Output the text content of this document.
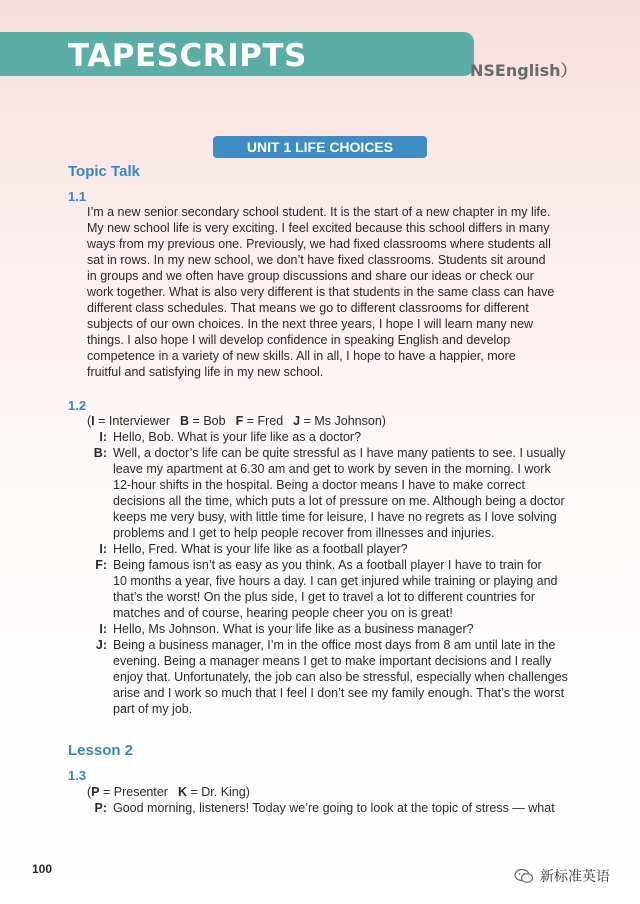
TAPESCRIPTS	NSEnglish）
UNIT 1 LIFE CHOICES
Topic Talk
1.1
I’m a new senior secondary school student. It is the start of a new chapter in my life.
My new school life is very exciting. I feel excited because this school differs in many
ways from my previous one. Previously, we had fixed classrooms where students all
sat in rows. In my new school, we don’t have fixed classrooms. Students sit around
in groups and we often have group discussions and share our ideas or check our
work together. What is also very different is that students in the same class can have
different class schedules. That means we go to different classrooms for different
subjects of our own choices. In the next three years, I hope I will learn many new
things. I also hope I will develop confidence in speaking English and develop
competence in a variety of new skills. All in all, I hope to have a happier, more
fruitful and satisfying life in my new school.
1.2
(I = Interviewer B = Bob F = Fred J = Ms Johnson)
I: Hello, Bob. What is your life like as a doctor?
B: Well, a doctor’s life can be quite stressful as I have many patients to see. I usually
leave my apartment at 6.30 am and get to work by seven in the morning. I work
12-hour shifts in the hospital. Being a doctor means I have to make correct
decisions all the time, which puts a lot of pressure on me. Although being a doctor
keeps me very busy, with little time for leisure, I have no regrets as I love solving
problems and I get to help people recover from illnesses and injuries.
I: Hello, Fred. What is your life like as a football player?
F: Being famous isn’t as easy as you think. As a football player I have to train for
10 months a year, five hours a day. I can get injured while training or playing and
that’s the worst! On the plus side, I get to travel a lot to different countries for
matches and of course, hearing people cheer you on is great!
I: Hello, Ms Johnson. What is your life like as a business manager?
J: Being a business manager, I’m in the office most days from 8 am until late in the
evening. Being a manager means I get to make important decisions and I really
enjoy that. Unfortunately, the job can also be stressful, especially when challenges
arise and I work so much that I feel I don’t see my family enough. That’s the worst
part of my job.
Lesson 2
1.3
(P = Presenter K = Dr. King)
P: Good morning, listeners! Today we’re going to look at the topic of stress — what
100	新标准英语
